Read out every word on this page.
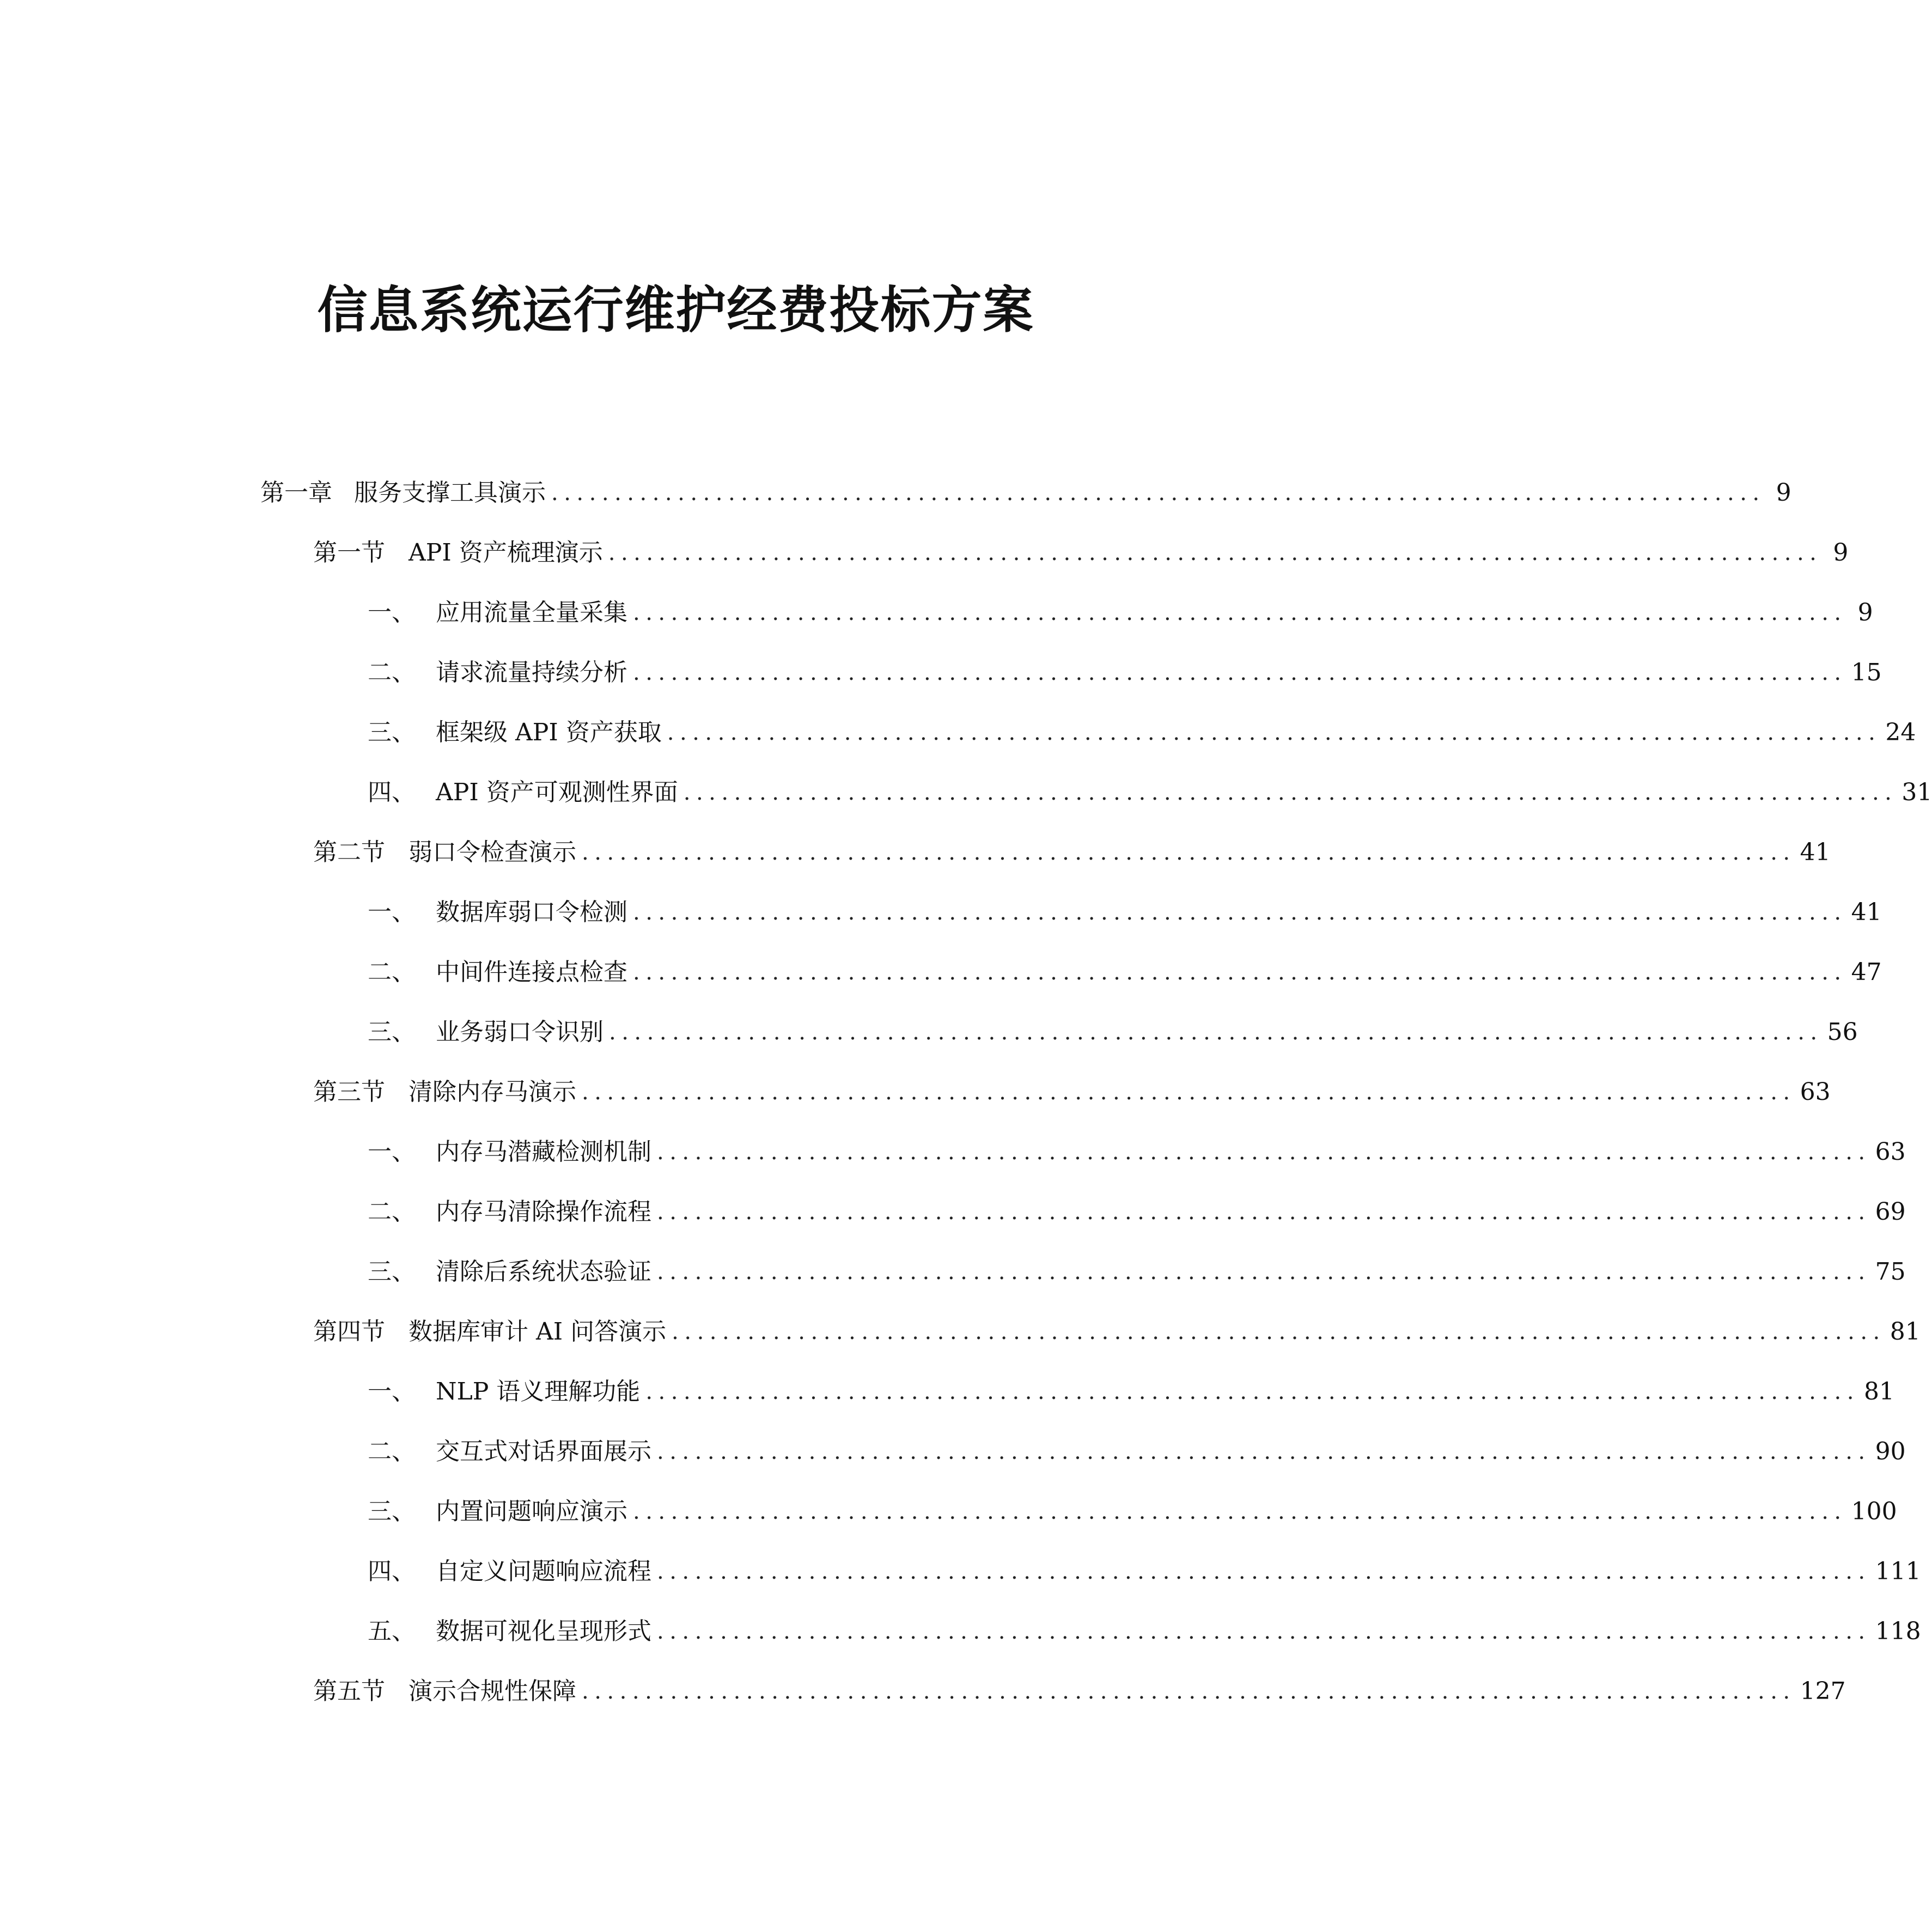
信息系统运行维护经费投标方案
第一章 服务支撑工具演示 ................................................................................................ 9
第一节 API 资产梳理演示 ................................................................................................ 9
一、 应用流量全量采集 ................................................................................................ 9
二、 请求流量持续分析 ................................................................................................ 15
三、 框架级 API 资产获取 ................................................................................................ 24
四、 API 资产可观测性界面 ................................................................................................ 31
第二节 弱口令检查演示 ................................................................................................ 41
一、 数据库弱口令检测 ................................................................................................ 41
二、 中间件连接点检查 ................................................................................................ 47
三、 业务弱口令识别 ................................................................................................ 56
第三节 清除内存马演示 ................................................................................................ 63
一、 内存马潜藏检测机制 ................................................................................................ 63
二、 内存马清除操作流程 ................................................................................................ 69
三、 清除后系统状态验证 ................................................................................................ 75
第四节 数据库审计 AI 问答演示 ................................................................................................ 81
一、 NLP 语义理解功能 ................................................................................................ 81
二、 交互式对话界面展示 ................................................................................................ 90
三、 内置问题响应演示 ................................................................................................ 100
四、 自定义问题响应流程 ................................................................................................ 111
五、 数据可视化呈现形式 ................................................................................................ 118
第五节 演示合规性保障 ................................................................................................ 127
